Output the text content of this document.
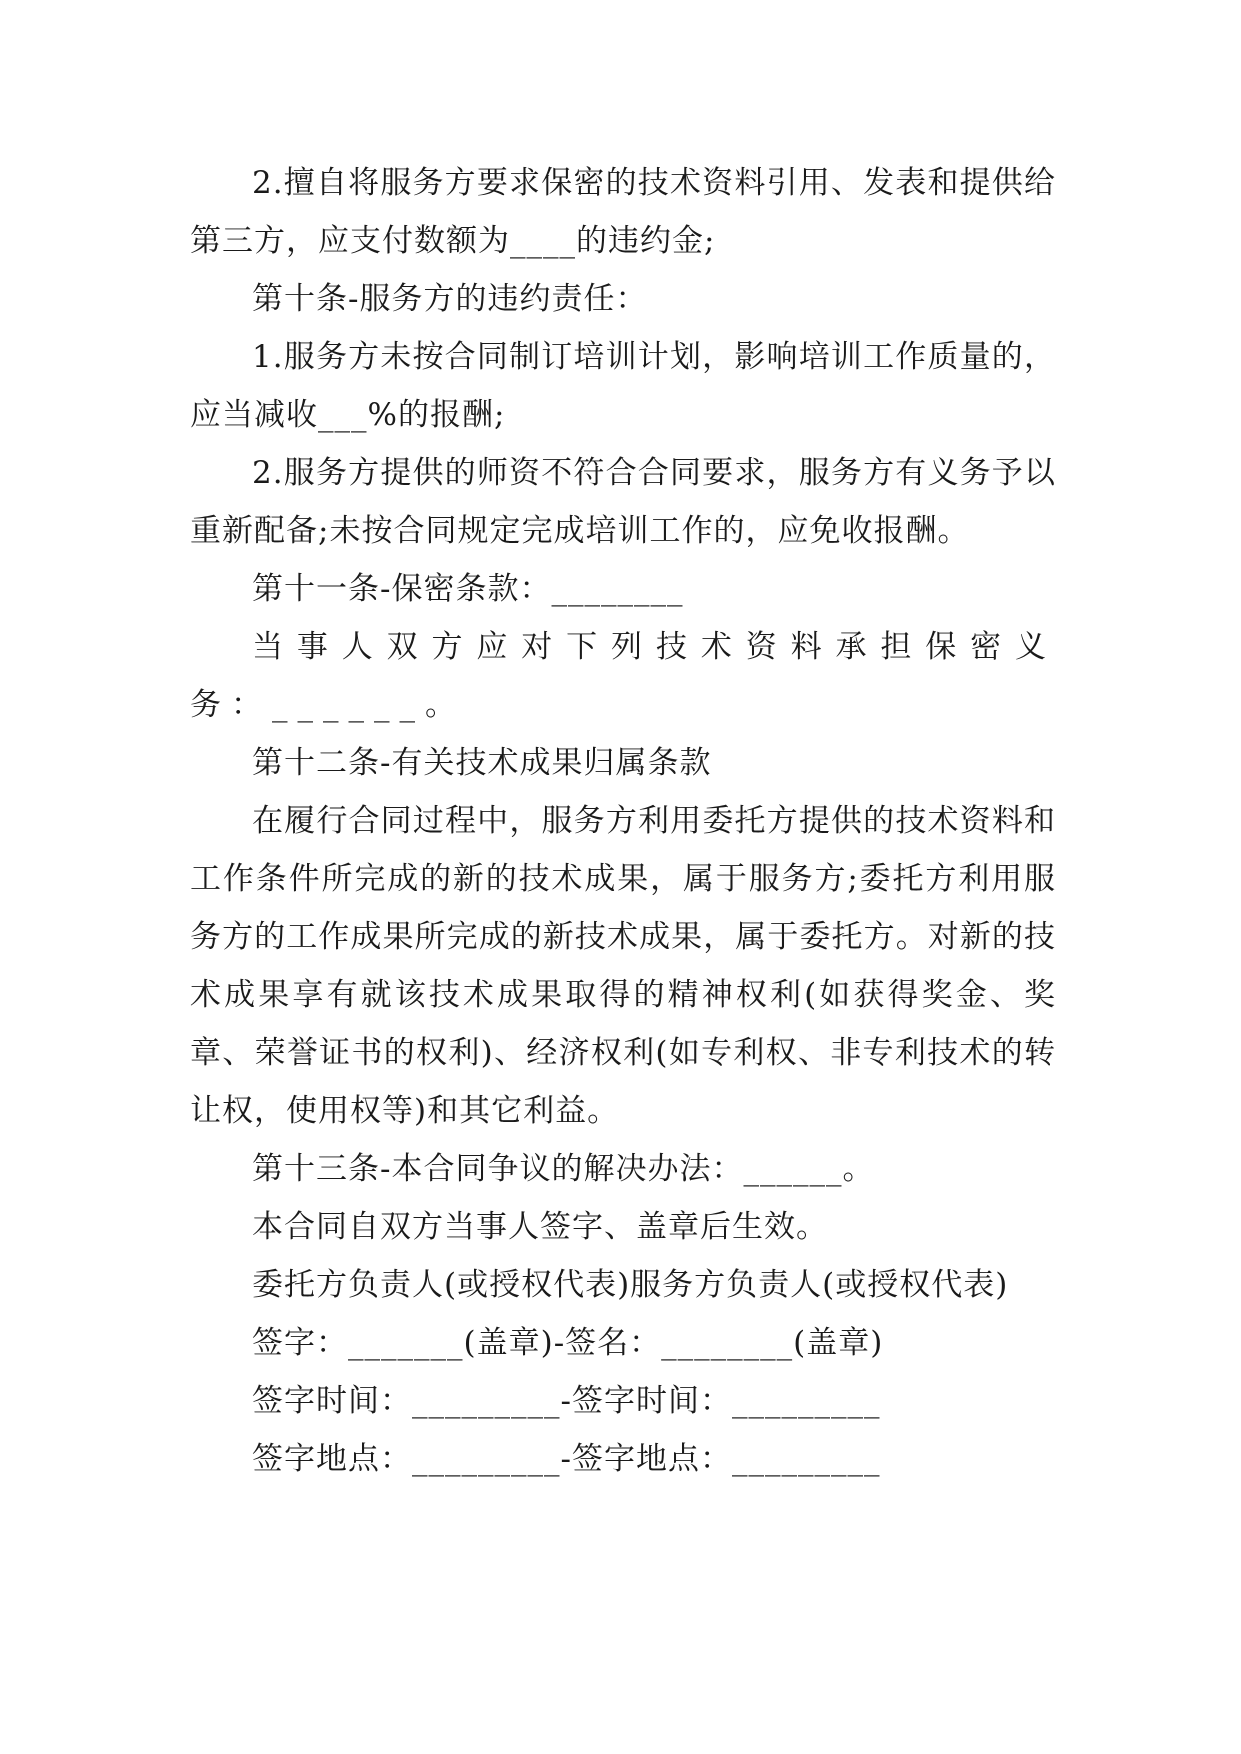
2.擅自将服务方要求保密的技术资料引用、发表和提供给第三方，应支付数额为____的违约金;

第十条-服务方的违约责任：

1.服务方未按合同制订培训计划，影响培训工作质量的，应当减收___%的报酬;

2.服务方提供的师资不符合合同要求，服务方有义务予以重新配备;未按合同规定完成培训工作的，应免收报酬。

第十一条-保密条款：________

当事人双方应对下列技术资料承担保密义务：______。

第十二条-有关技术成果归属条款

在履行合同过程中，服务方利用委托方提供的技术资料和工作条件所完成的新的技术成果，属于服务方;委托方利用服务方的工作成果所完成的新技术成果，属于委托方。对新的技术成果享有就该技术成果取得的精神权利(如获得奖金、奖章、荣誉证书的权利)、经济权利(如专利权、非专利技术的转让权，使用权等)和其它利益。

第十三条-本合同争议的解决办法：______。

本合同自双方当事人签字、盖章后生效。

委托方负责人(或授权代表)服务方负责人(或授权代表)

签字：_______(盖章)-签名：________(盖章)

签字时间：_________-签字时间：_________

签字地点：_________-签字地点：_________
